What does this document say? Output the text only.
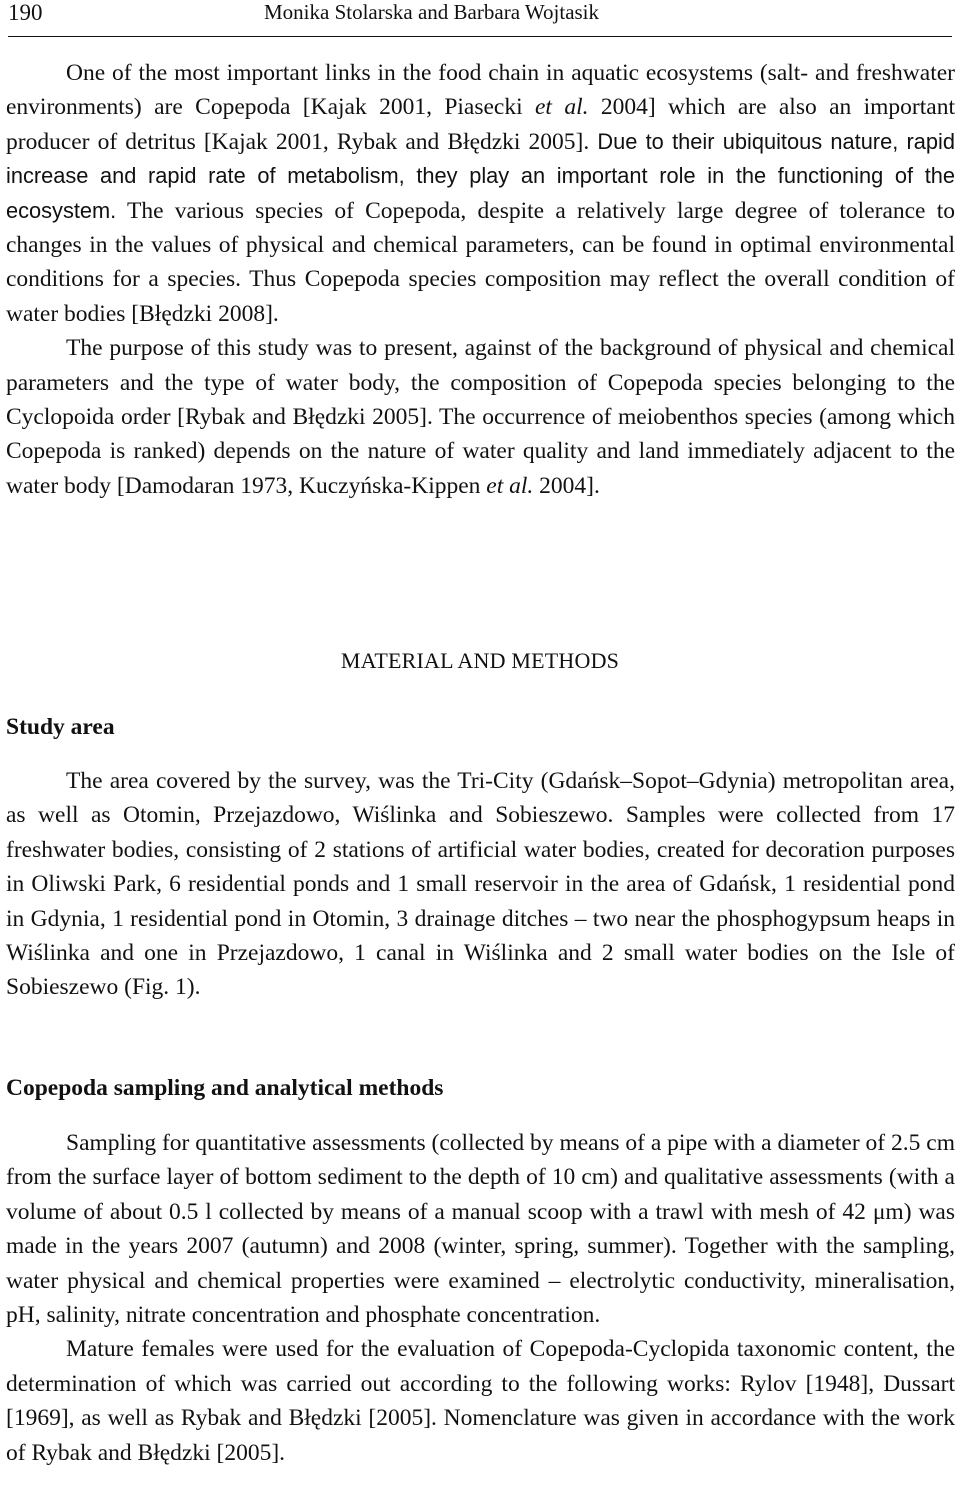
190	Monika Stolarska and Barbara Wojtasik

One of the most important links in the food chain in aquatic ecosystems (salt- and freshwater environments) are Copepoda [Kajak 2001, Piasecki et al. 2004] which are also an important producer of detritus [Kajak 2001, Rybak and Błędzki 2005]. Due to their ubiquitous nature, rapid increase and rapid rate of metabolism, they play an important role in the functioning of the ecosystem. The various species of Copepoda, despite a relatively large degree of tolerance to changes in the values of physical and chemical parameters, can be found in optimal environmental conditions for a species. Thus Copepoda species composition may reflect the overall condition of water bodies [Błędzki 2008].

The purpose of this study was to present, against of the background of physical and chemical parameters and the type of water body, the composition of Copepoda species belonging to the Cyclopoida order [Rybak and Błędzki 2005]. The occurrence of meiobenthos species (among which Copepoda is ranked) depends on the nature of water quality and land immediately adjacent to the water body [Damodaran 1973, Kuczyńska-Kippen et al. 2004].

MATERIAL AND METHODS
Study area

The area covered by the survey, was the Tri-City (Gdańsk–Sopot–Gdynia) metropolitan area, as well as Otomin, Przejazdowo, Wiślinka and Sobieszewo. Samples were collected from 17 freshwater bodies, consisting of 2 stations of artificial water bodies, created for decoration purposes in Oliwski Park, 6 residential ponds and 1 small reservoir in the area of Gdańsk, 1 residential pond in Gdynia, 1 residential pond in Otomin, 3 drainage ditches – two near the phosphogypsum heaps in Wiślinka and one in Przejazdowo, 1 canal in Wiślinka and 2 small water bodies on the Isle of Sobieszewo (Fig. 1).

Copepoda sampling and analytical methods

Sampling for quantitative assessments (collected by means of a pipe with a diameter of 2.5 cm from the surface layer of bottom sediment to the depth of 10 cm) and qualitative assessments (with a volume of about 0.5 l collected by means of a manual scoop with a trawl with mesh of 42 μm) was made in the years 2007 (autumn) and 2008 (winter, spring, summer). Together with the sampling, water physical and chemical properties were examined – electrolytic conductivity, mineralisation, pH, salinity, nitrate concentration and phosphate concentration.

Mature females were used for the evaluation of Copepoda-Cyclopida taxonomic content, the determination of which was carried out according to the following works: Rylov [1948], Dussart [1969], as well as Rybak and Błędzki [2005]. Nomenclature was given in accordance with the work of Rybak and Błędzki [2005].
